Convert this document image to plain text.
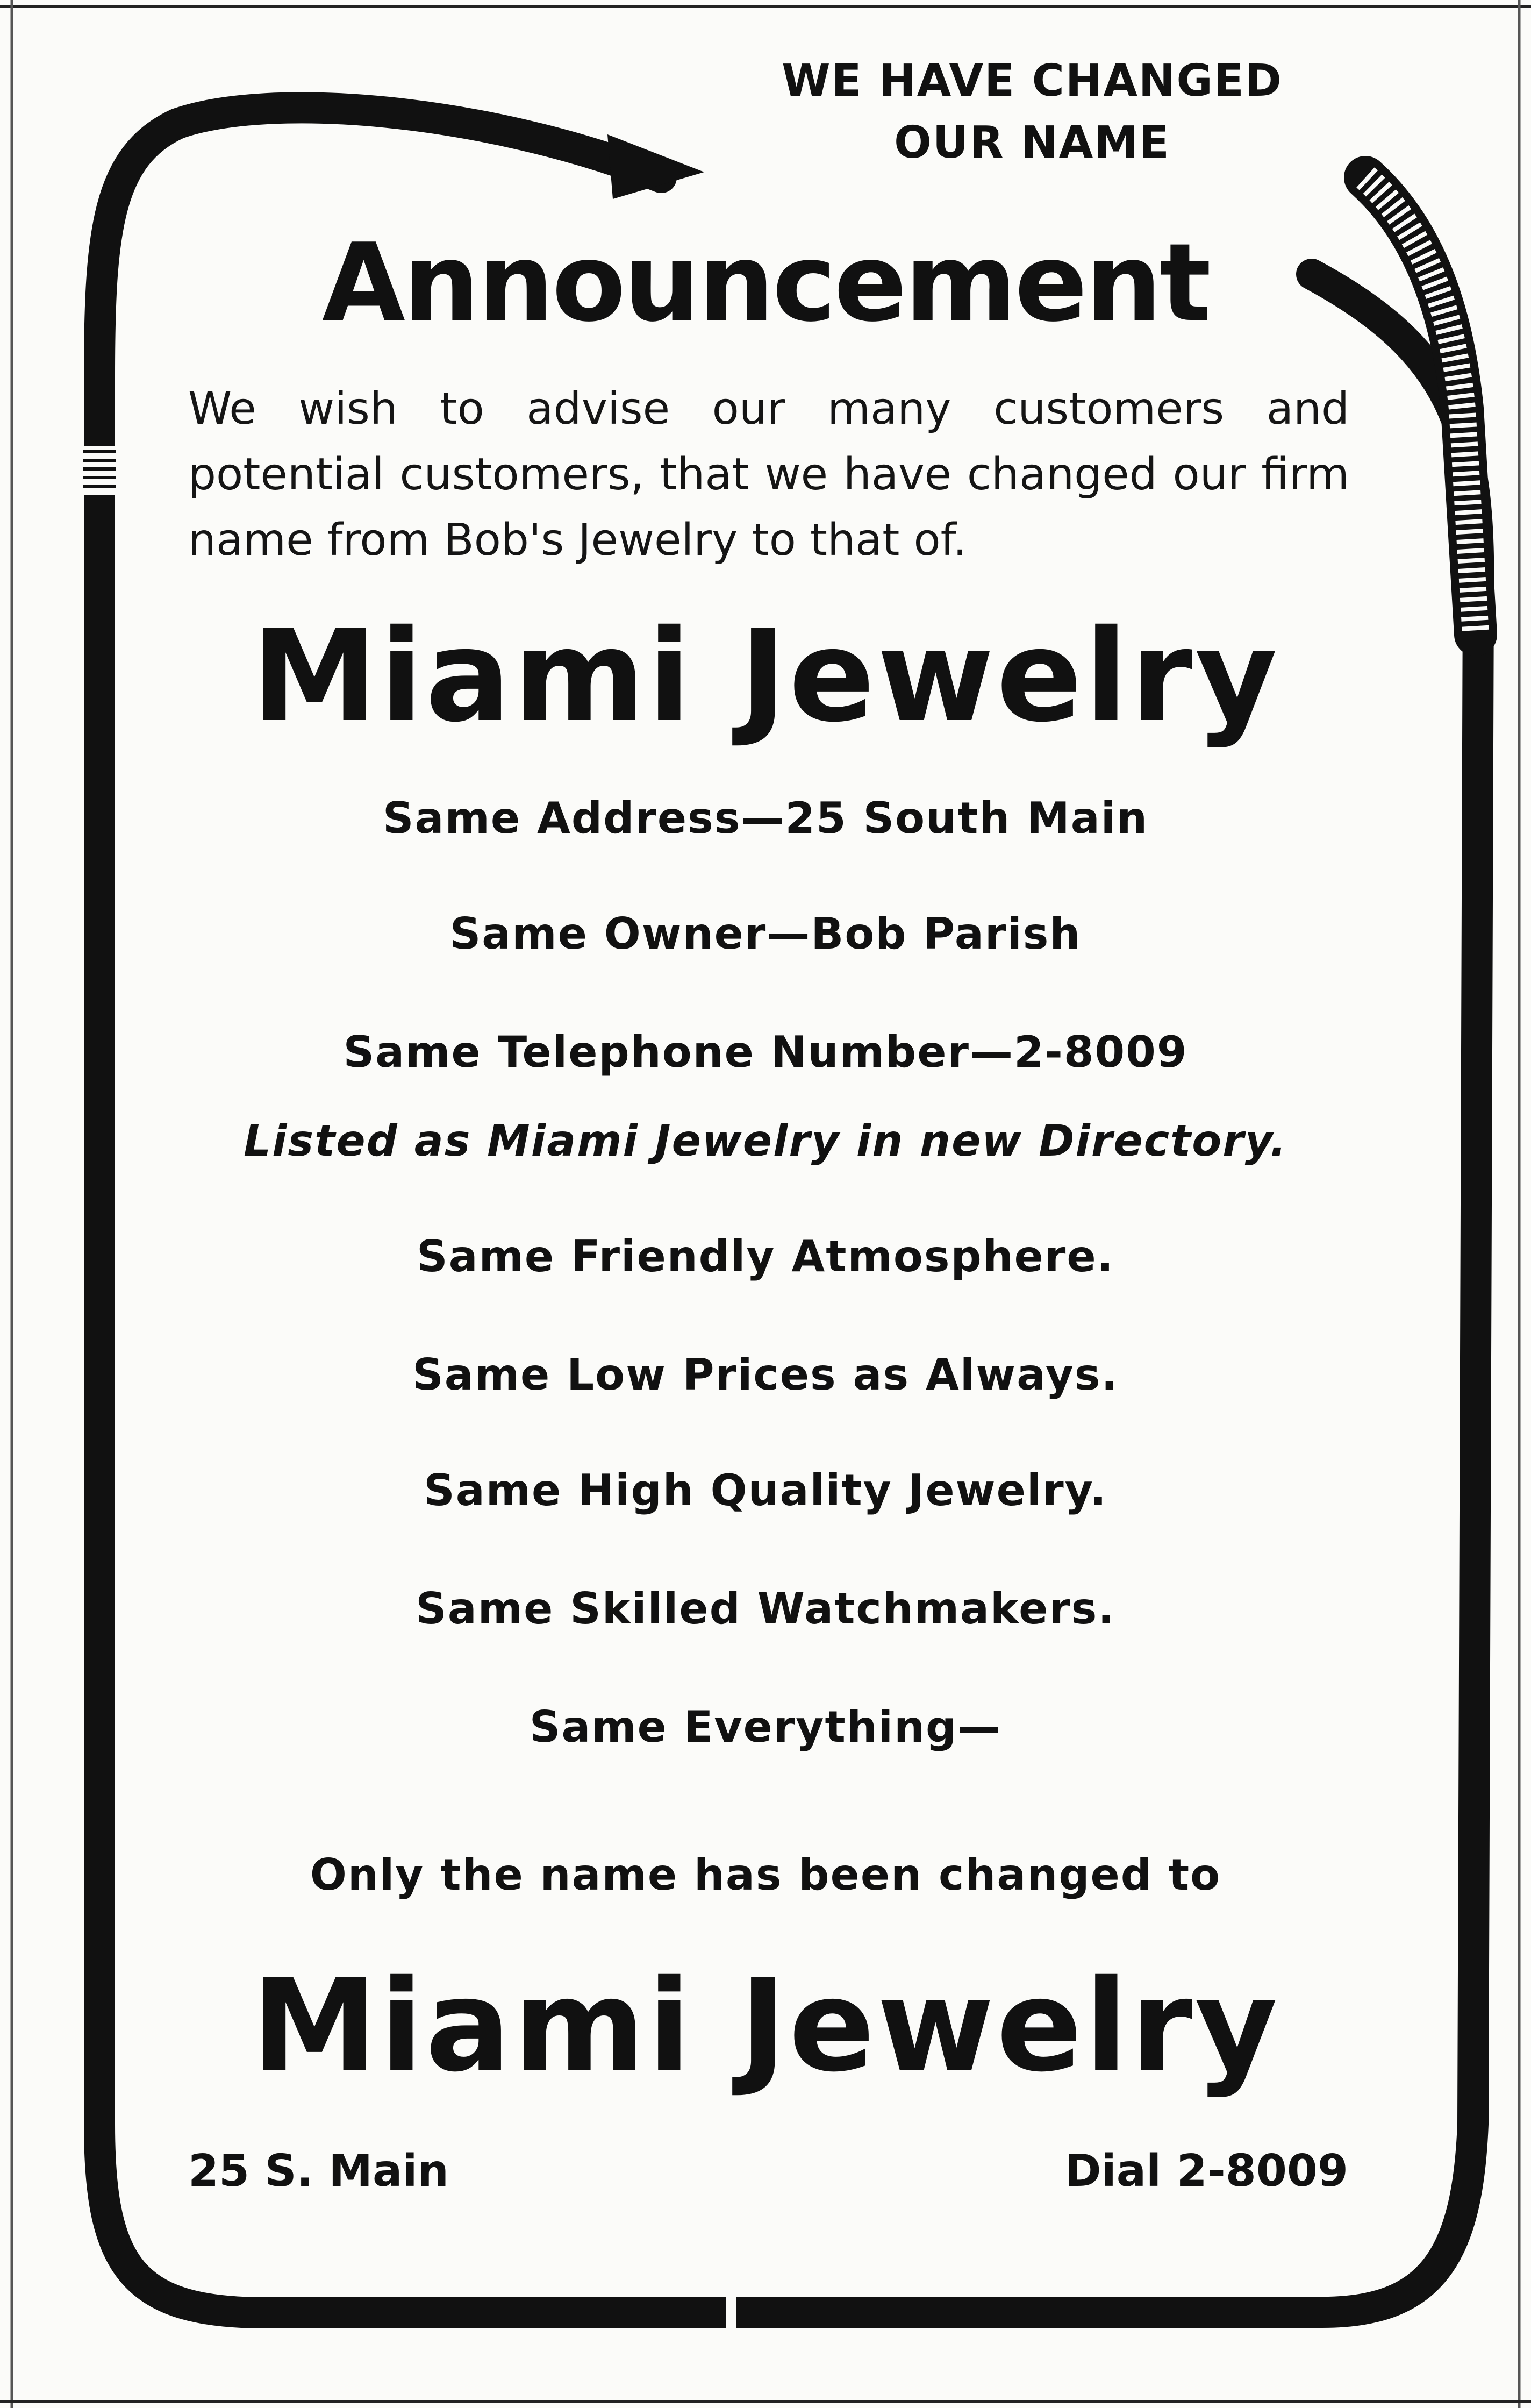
WE HAVE CHANGED
OUR NAME
Announcement
We wish to advise our many customers and potential customers, that we have changed our firm name from Bob's Jewelry to that of.
Miami Jewelry
Same Address—25 South Main
Same Owner—Bob Parish
Same Telephone Number—2-8009
Listed as Miami Jewelry in new Directory.
Same Friendly Atmosphere.
Same Low Prices as Always.
Same High Quality Jewelry.
Same Skilled Watchmakers.
Same Everything—
Only the name has been changed to
Miami Jewelry
25 S. Main	Dial 2-8009
